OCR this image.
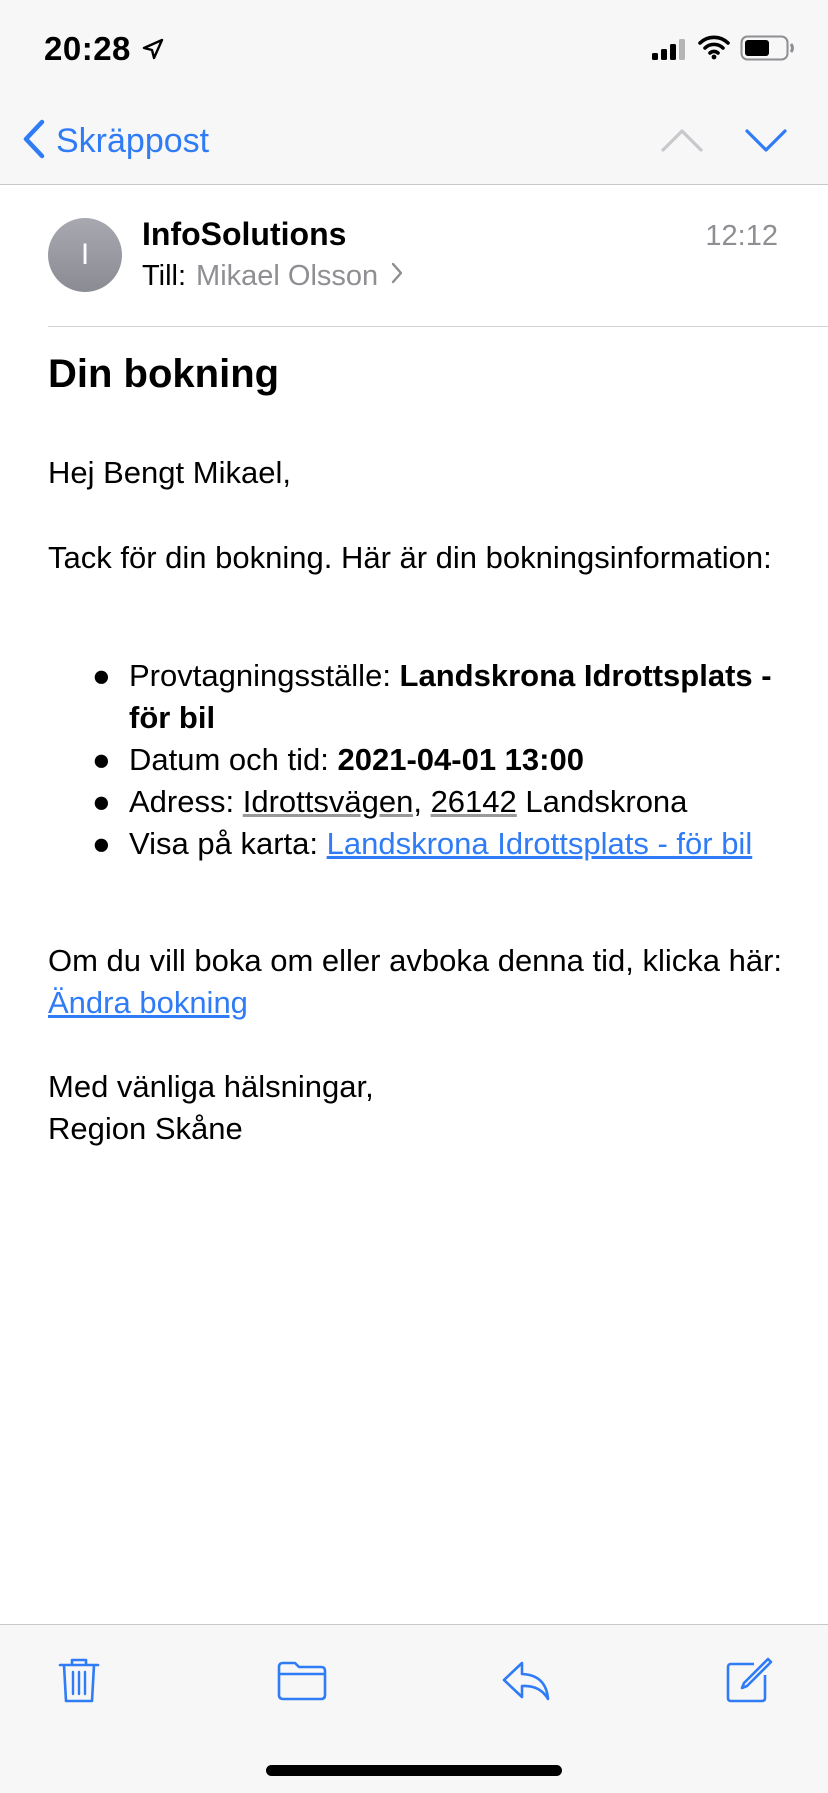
20:28
Skräppost
I
InfoSolutions	12:12
Till: Mikael Olsson
Din bokning
Hej Bengt Mikael,
Tack för din bokning. Här är din bokningsinformation:
● Provtagningsställe: Landskrona Idrottsplats - för bil
● Datum och tid: 2021-04-01 13:00
● Adress: Idrottsvägen, 26142 Landskrona
● Visa på karta: Landskrona Idrottsplats - för bil
Om du vill boka om eller avboka denna tid, klicka här: Ändra bokning
Med vänliga hälsningar,
Region Skåne
